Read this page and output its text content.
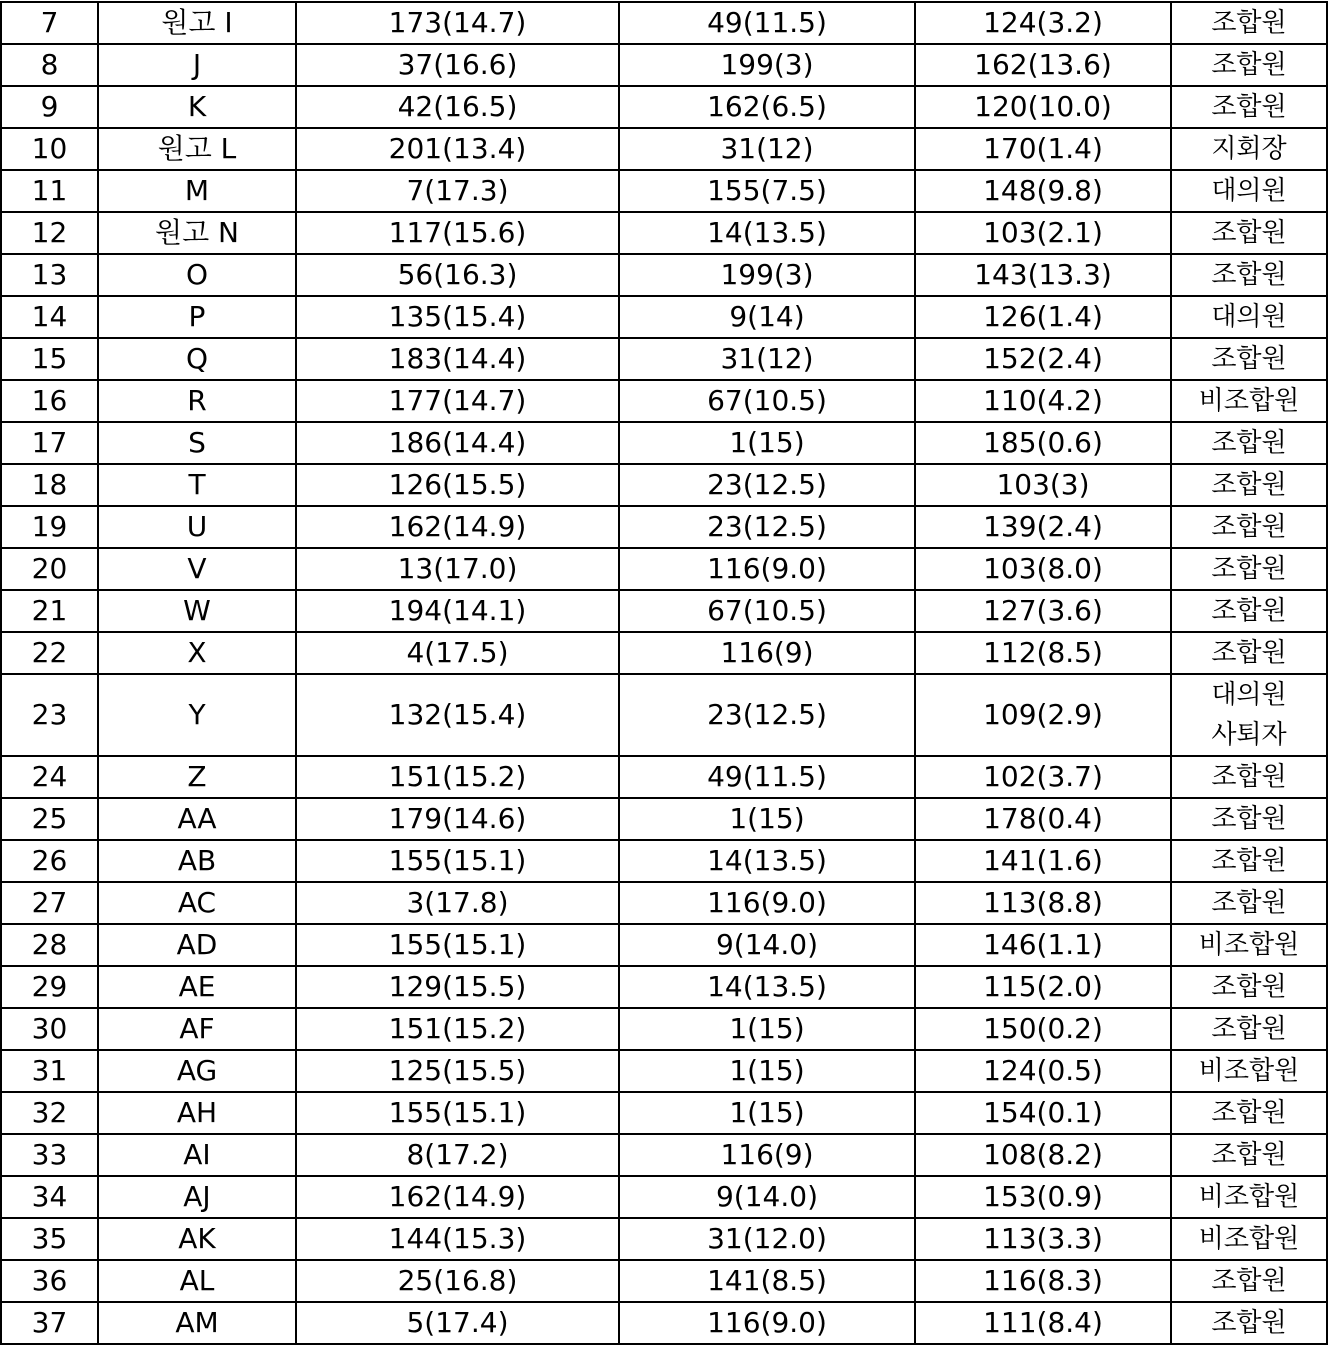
7	원고 I	173(14.7)	49(11.5)	124(3.2)	조합원

8	J	37(16.6)	199(3)	162(13.6)	조합원

9	K	42(16.5)	162(6.5)	120(10.0)	조합원

10	원고 L	201(13.4)	31(12)	170(1.4)	지회장

11	M	7(17.3)	155(7.5)	148(9.8)	대의원

12	원고 N	117(15.6)	14(13.5)	103(2.1)	조합원

13	O	56(16.3)	199(3)	143(13.3)	조합원

14	P	135(15.4)	9(14)	126(1.4)	대의원

15	Q	183(14.4)	31(12)	152(2.4)	조합원

16	R	177(14.7)	67(10.5)	110(4.2)	비조합원

17	S	186(14.4)	1(15)	185(0.6)	조합원

18	T	126(15.5)	23(12.5)	103(3)	조합원

19	U	162(14.9)	23(12.5)	139(2.4)	조합원

20	V	13(17.0)	116(9.0)	103(8.0)	조합원

21	W	194(14.1)	67(10.5)	127(3.6)	조합원

22	X	4(17.5)	116(9)	112(8.5)	조합원

23	Y	132(15.4)	23(12.5)	109(2.9)	대의원
사퇴자

24	Z	151(15.2)	49(11.5)	102(3.7)	조합원

25	AA	179(14.6)	1(15)	178(0.4)	조합원

26	AB	155(15.1)	14(13.5)	141(1.6)	조합원

27	AC	3(17.8)	116(9.0)	113(8.8)	조합원

28	AD	155(15.1)	9(14.0)	146(1.1)	비조합원

29	AE	129(15.5)	14(13.5)	115(2.0)	조합원

30	AF	151(15.2)	1(15)	150(0.2)	조합원

31	AG	125(15.5)	1(15)	124(0.5)	비조합원

32	AH	155(15.1)	1(15)	154(0.1)	조합원

33	AI	8(17.2)	116(9)	108(8.2)	조합원

34	AJ	162(14.9)	9(14.0)	153(0.9)	비조합원

35	AK	144(15.3)	31(12.0)	113(3.3)	비조합원

36	AL	25(16.8)	141(8.5)	116(8.3)	조합원

37	AM	5(17.4)	116(9.0)	111(8.4)	조합원
